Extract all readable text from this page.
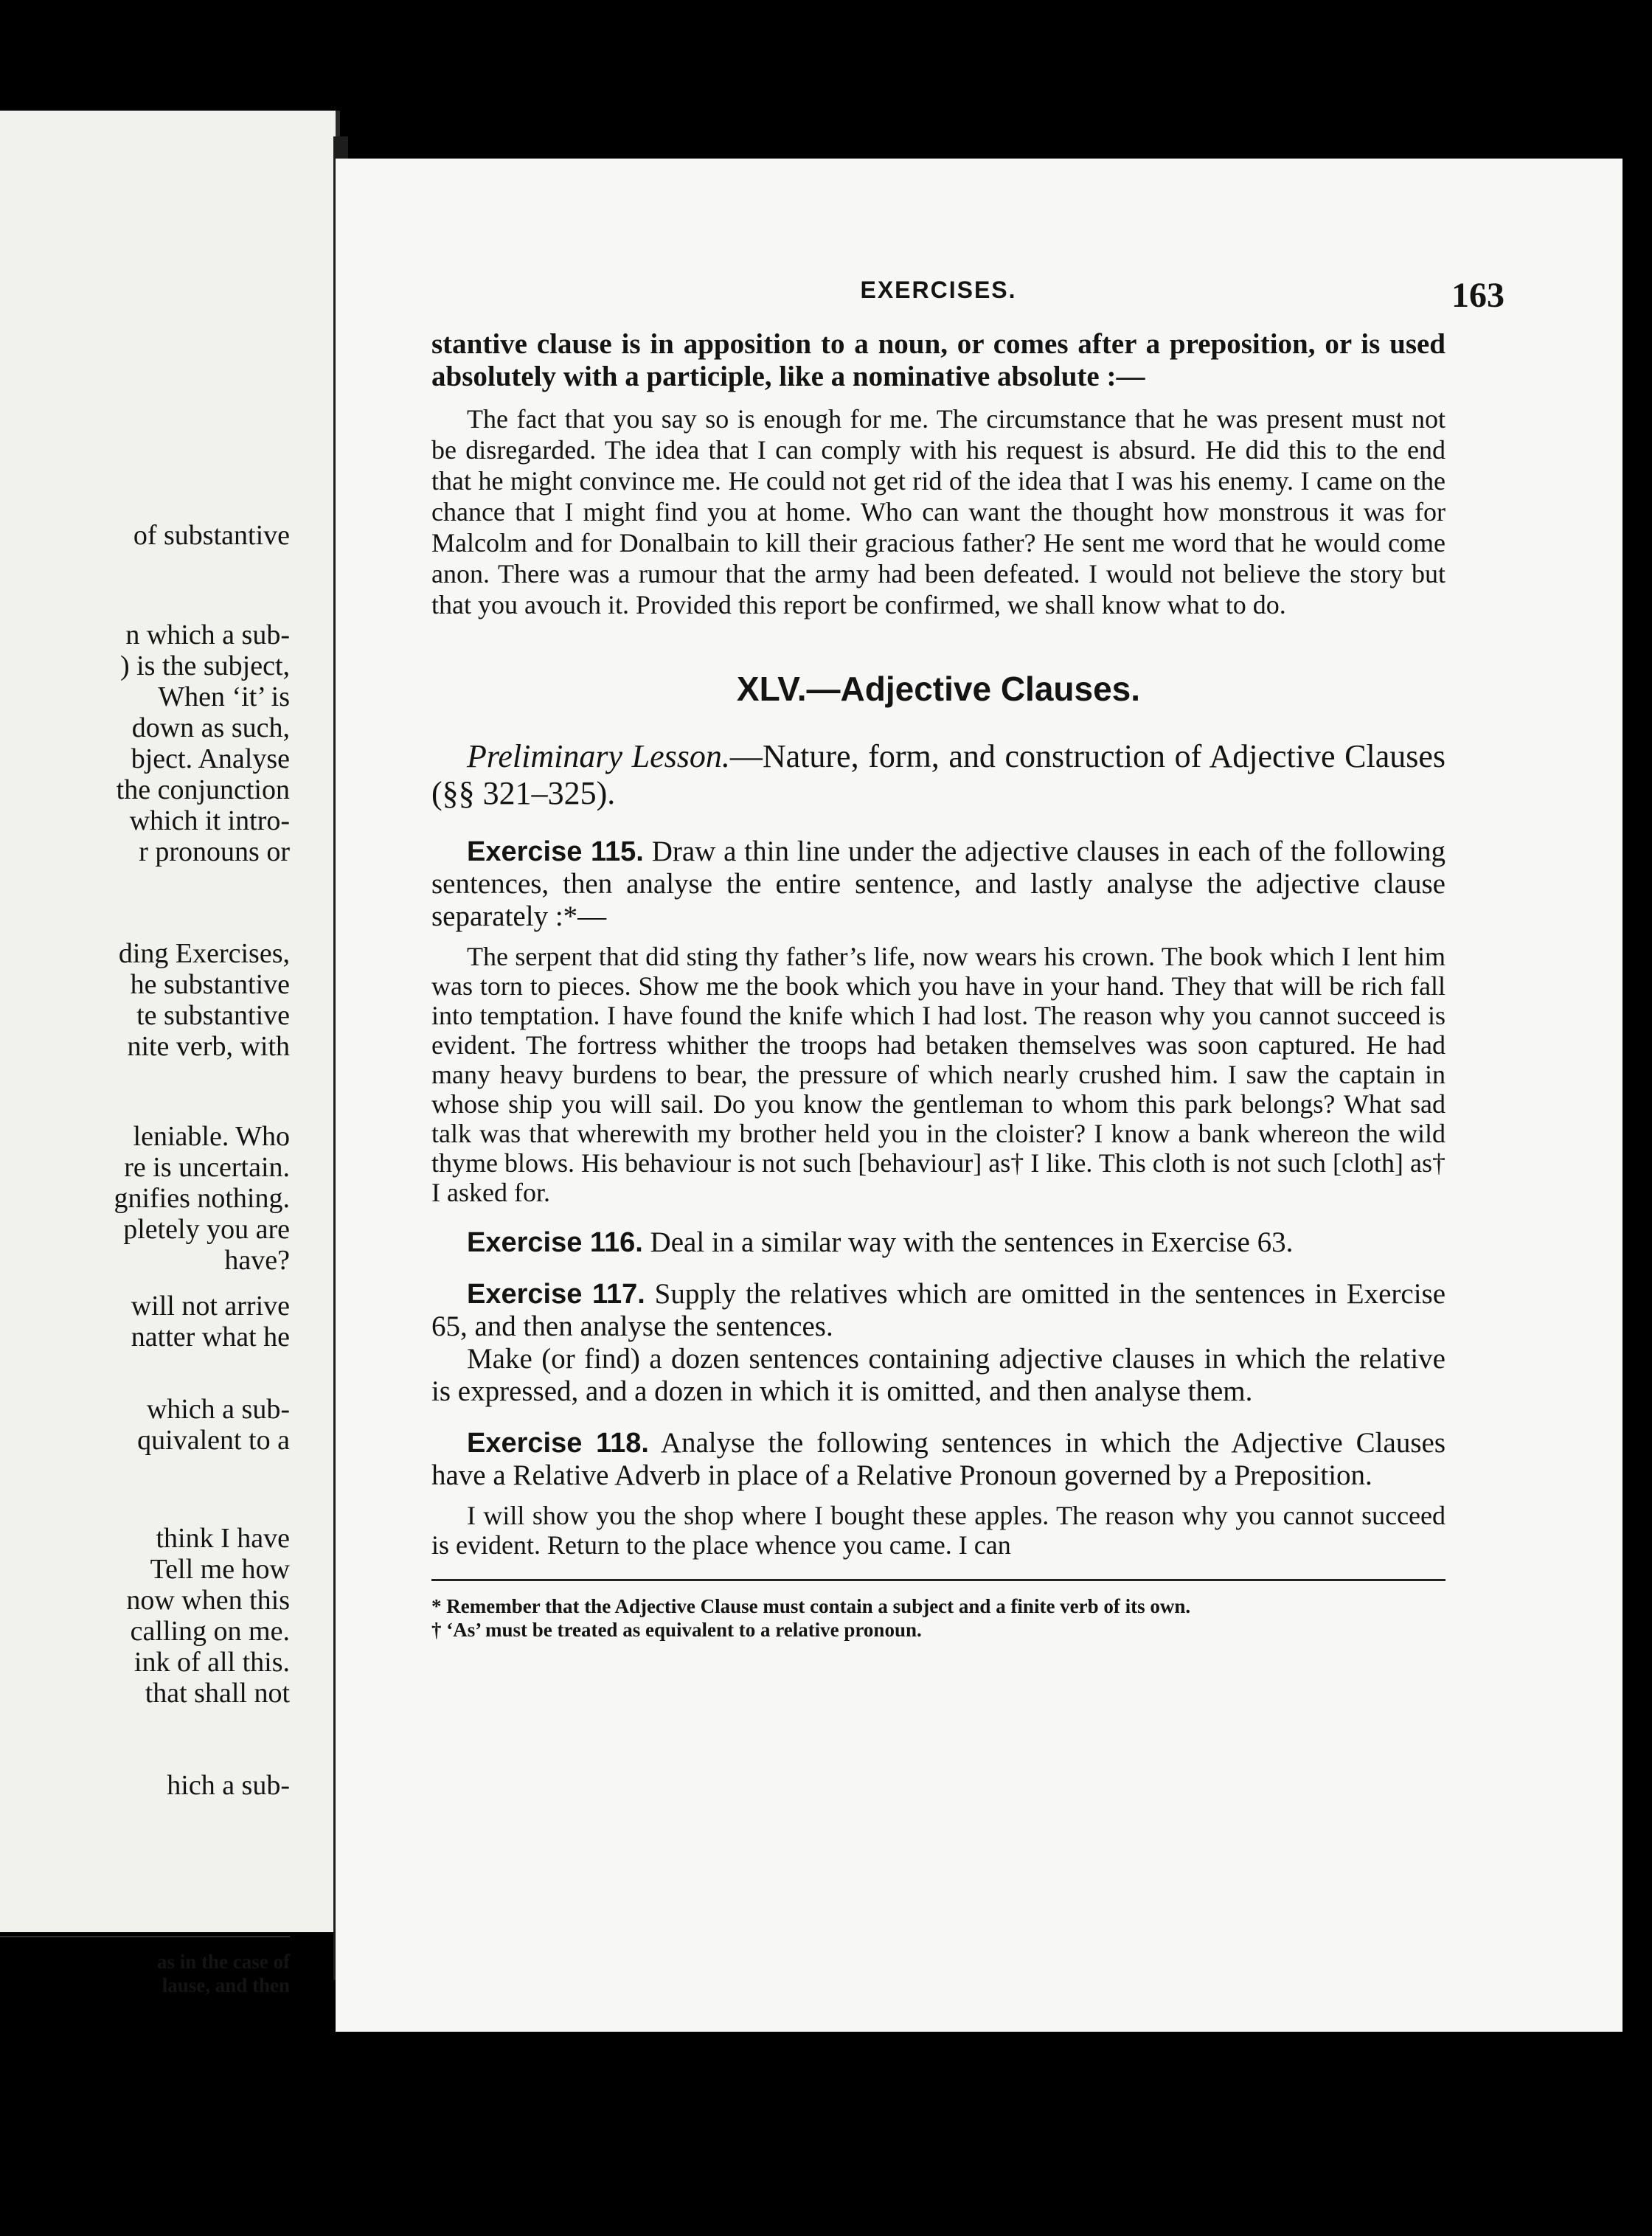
of substantive
n which a sub-
) is the subject,
When ‘it’ is
down as such,
bject. Analyse
the conjunction
which it intro-
r pronouns or
ding Exercises,
he substantive
te substantive
nite verb, with
leniable. Who
re is uncertain.
gnifies nothing.
pletely you are
have?
will not arrive
natter what he
which a sub-
quivalent to a
think I have
Tell me how
now when this
calling on me.
ink of all this.
that shall not
hich a sub-
as in the case of
lause, and then
EXERCISES.	163

stantive clause is in apposition to a noun, or comes after a preposition, or is used absolutely with a participle, like a nominative absolute :—

The fact that you say so is enough for me. The circumstance that he was present must not be disregarded. The idea that I can comply with his request is absurd. He did this to the end that he might convince me. He could not get rid of the idea that I was his enemy. I came on the chance that I might find you at home. Who can want the thought how monstrous it was for Malcolm and for Donalbain to kill their gracious father? He sent me word that he would come anon. There was a rumour that the army had been defeated. I would not believe the story but that you avouch it. Provided this report be confirmed, we shall know what to do.

XLV.—Adjective Clauses.

Preliminary Lesson.—Nature, form, and construction of Adjective Clauses (§§ 321–325).

Exercise 115. Draw a thin line under the adjective clauses in each of the following sentences, then analyse the entire sentence, and lastly analyse the adjective clause separately :*—

The serpent that did sting thy father’s life, now wears his crown. The book which I lent him was torn to pieces. Show me the book which you have in your hand. They that will be rich fall into temptation. I have found the knife which I had lost. The reason why you cannot succeed is evident. The fortress whither the troops had betaken themselves was soon captured. He had many heavy burdens to bear, the pressure of which nearly crushed him. I saw the captain in whose ship you will sail. Do you know the gentleman to whom this park belongs? What sad talk was that wherewith my brother held you in the cloister? I know a bank whereon the wild thyme blows. His behaviour is not such [behaviour] as† I like. This cloth is not such [cloth] as† I asked for.

Exercise 116. Deal in a similar way with the sentences in Exercise 63.

Exercise 117. Supply the relatives which are omitted in the sentences in Exercise 65, and then analyse the sentences.

Make (or find) a dozen sentences containing adjective clauses in which the relative is expressed, and a dozen in which it is omitted, and then analyse them.

Exercise 118. Analyse the following sentences in which the Adjective Clauses have a Relative Adverb in place of a Relative Pronoun governed by a Preposition.

I will show you the shop where I bought these apples. The reason why you cannot succeed is evident. Return to the place whence you came. I can

* Remember that the Adjective Clause must contain a subject and a finite verb of its own.
† ‘As’ must be treated as equivalent to a relative pronoun.
